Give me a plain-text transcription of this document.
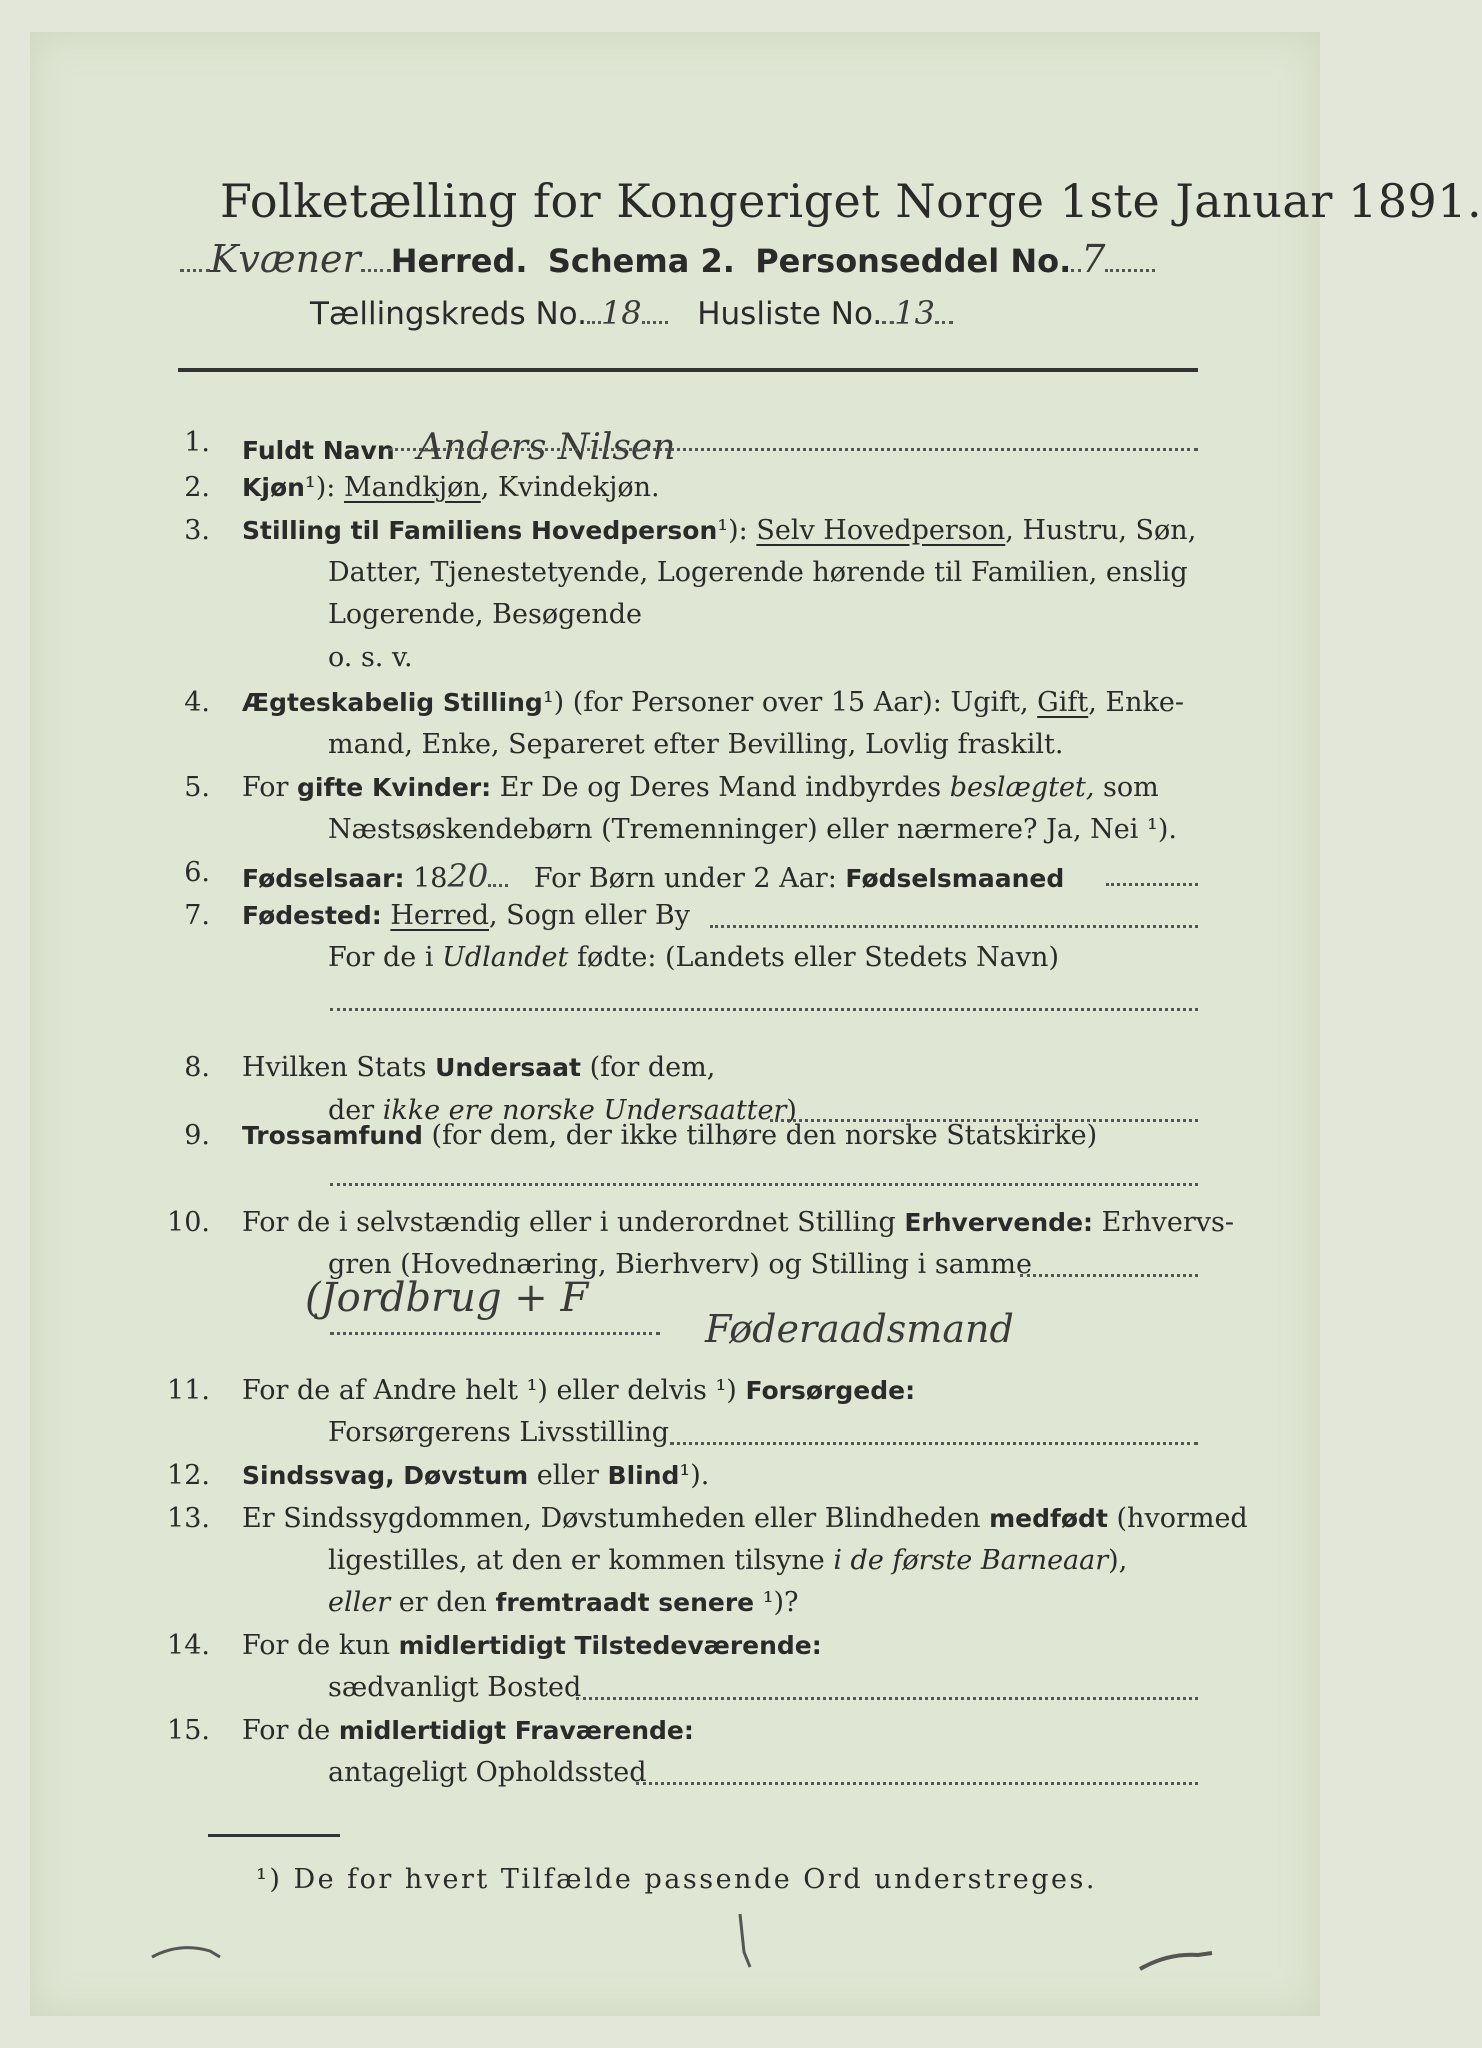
Folketælling for Kongeriget Norge 1ste Januar 1891.
Kvæner Herred. Schema 2. Personseddel No. 7
Tællingskreds No. 18 Husliste No. 13
1. Fuldt Navn Anders Nilsen
2. Kjøn¹): Mandkjøn, Kvindekjøn.
3. Stilling til Familiens Hovedperson¹): Selv Hovedperson, Hustru, Søn,
Datter, Tjenestetyende, Logerende hørende til Familien, enslig
Logerende, Besøgende
o. s. v.
4. Ægteskabelig Stilling¹) (for Personer over 15 Aar): Ugift, Gift, Enke-
mand, Enke, Separeret efter Bevilling, Lovlig fraskilt.
5. For gifte Kvinder: Er De og Deres Mand indbyrdes beslægtet, som
Næstsøskendebørn (Tremenninger) eller nærmere? Ja, Nei ¹).
6. Fødselsaar: 1820 For Børn under 2 Aar: Fødselsmaaned
7. Fødested: Herred, Sogn eller By
For de i Udlandet fødte: (Landets eller Stedets Navn)
8. Hvilken Stats Undersaat (for dem,
der ikke ere norske Undersaatter)
9. Trossamfund (for dem, der ikke tilhøre den norske Statskirke)
10. For de i selvstændig eller i underordnet Stilling Erhvervende: Erhvervs-
gren (Hovednæring, Bierhverv) og Stilling i samme
(Jordbrug + F
Føderaadsmand
11. For de af Andre helt ¹) eller delvis ¹) Forsørgede:
Forsørgerens Livsstilling
12. Sindssvag, Døvstum eller Blind¹).
13. Er Sindssygdommen, Døvstumheden eller Blindheden medfødt (hvormed
ligestilles, at den er kommen tilsyne i de første Barneaar),
eller er den fremtraadt senere ¹)?
14. For de kun midlertidigt Tilstedeværende:
sædvanligt Bosted
15. For de midlertidigt Fraværende:
antageligt Opholdssted
¹) De for hvert Tilfælde passende Ord understreges.
